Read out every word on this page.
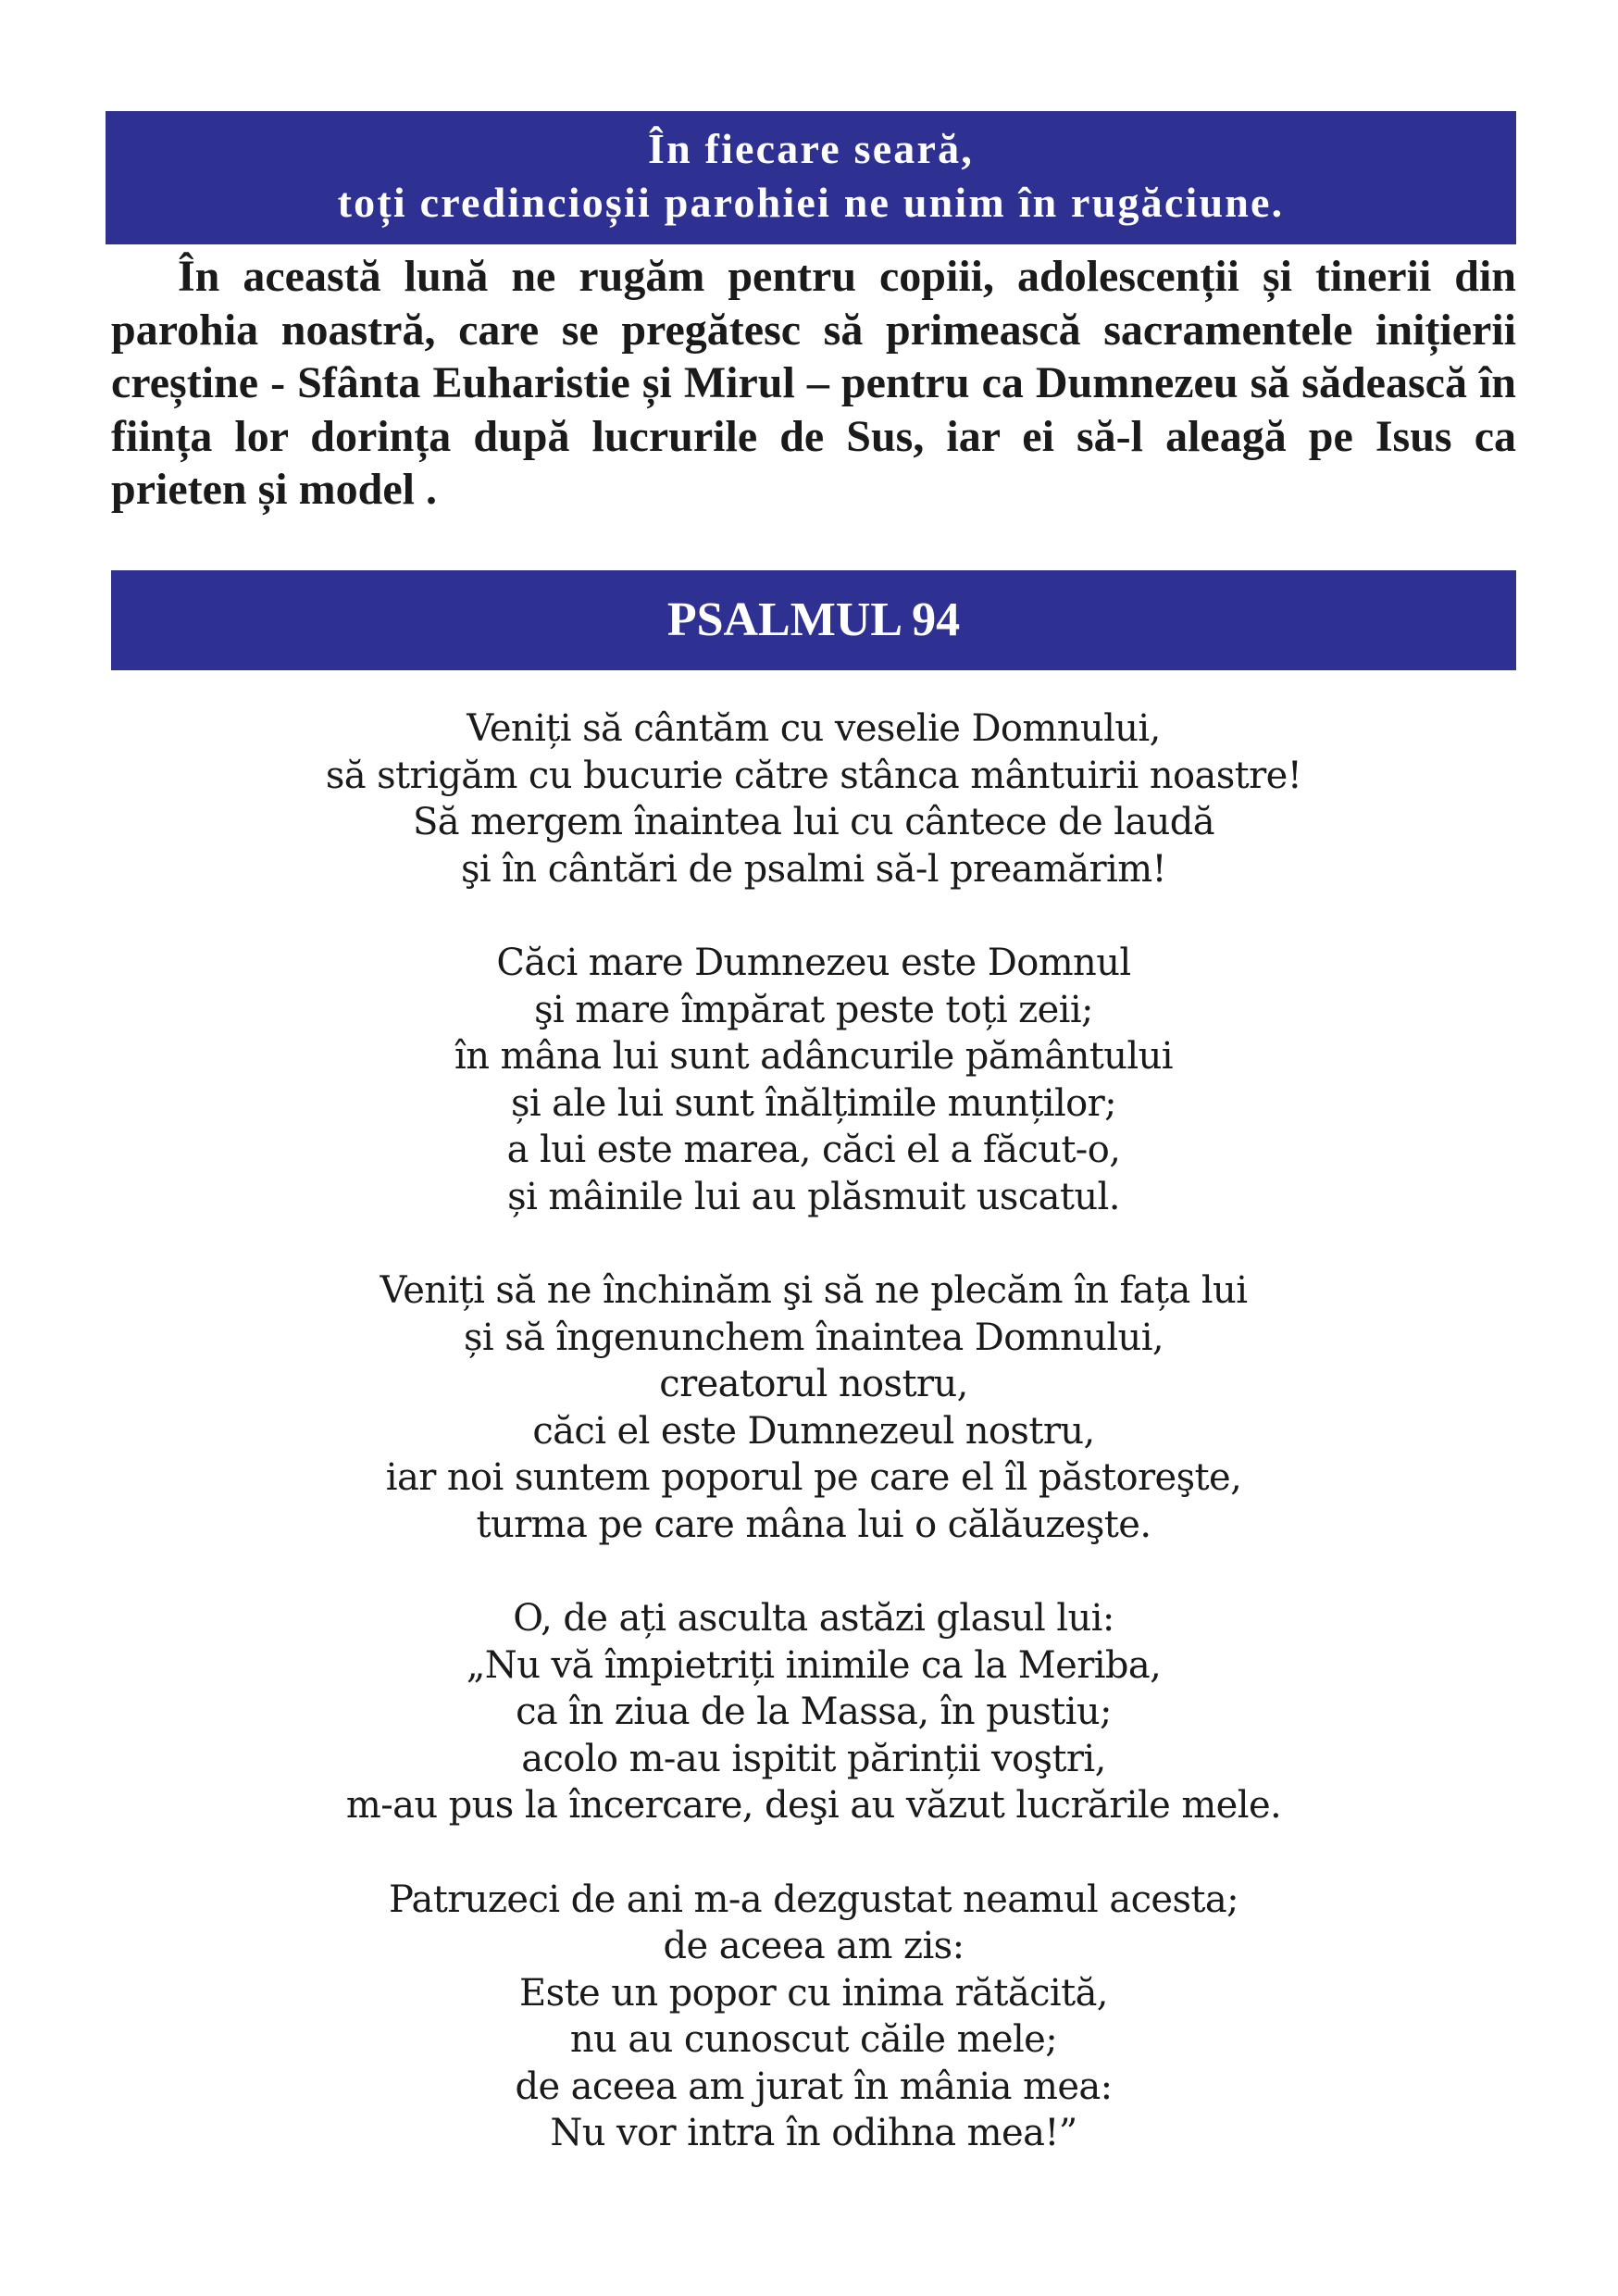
În fiecare seară,
toți credincioșii parohiei ne unim în rugăciune.

În această lună ne rugăm pentru copiii, adolescenții și tinerii din parohia noastră, care se pregătesc să primească sacramentele inițierii creștine - Sfânta Euharistie și Mirul – pentru ca Dumnezeu să sădească în ființa lor dorința după lucrurile de Sus, iar ei să-l aleagă pe Isus ca prieten și model .

PSALMUL 94
Veniți să cântăm cu veselie Domnului,
să strigăm cu bucurie către stânca mântuirii noastre!
Să mergem înaintea lui cu cântece de laudă
şi în cântări de psalmi să-l preamărim!
Căci mare Dumnezeu este Domnul
şi mare împărat peste toți zeii;
în mâna lui sunt adâncurile pământului
și ale lui sunt înălțimile munților;
a lui este marea, căci el a făcut-o,
și mâinile lui au plăsmuit uscatul.
Veniți să ne închinăm şi să ne plecăm în fața lui
și să îngenunchem înaintea Domnului,
creatorul nostru,
căci el este Dumnezeul nostru,
iar noi suntem poporul pe care el îl păstoreşte,
turma pe care mâna lui o călăuzeşte.
O, de ați asculta astăzi glasul lui:
„Nu vă împietriți inimile ca la Meriba,
ca în ziua de la Massa, în pustiu;
acolo m-au ispitit părinții voştri,
m-au pus la încercare, deşi au văzut lucrările mele.
Patruzeci de ani m-a dezgustat neamul acesta;
de aceea am zis:
Este un popor cu inima rătăcită,
nu au cunoscut căile mele;
de aceea am jurat în mânia mea:
Nu vor intra în odihna mea!”
